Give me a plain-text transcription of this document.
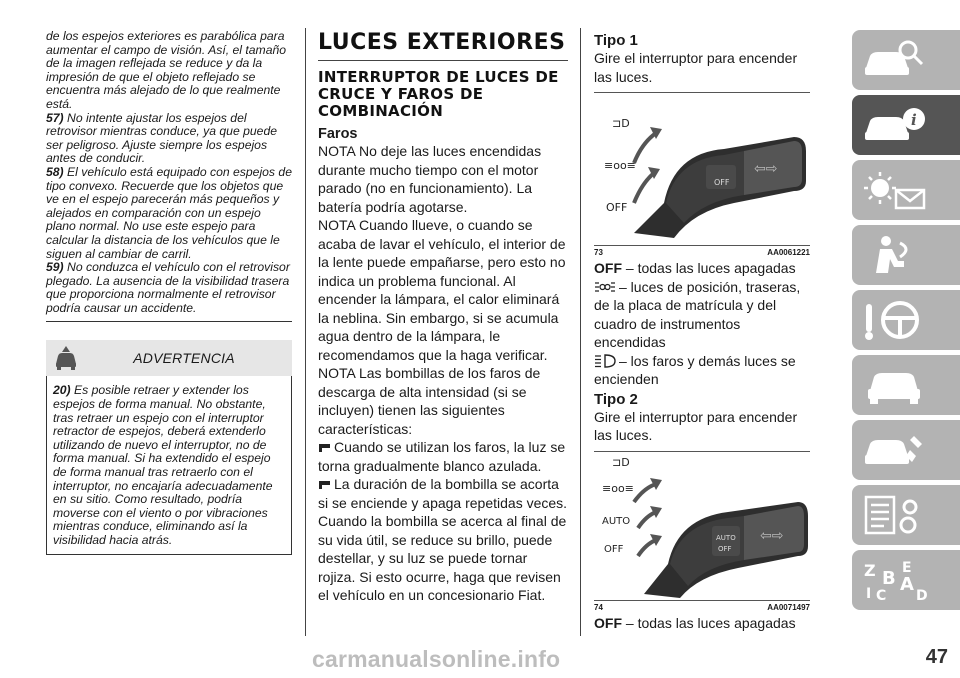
de los espejos exteriores es parabólica para aumentar el campo de visión. Así, el tamaño de la imagen reflejada se reduce y da la impresión de que el objeto reflejado se encuentra más alejado de lo que realmente está.

57) No intente ajustar los espejos del retrovisor mientras conduce, ya que puede ser peligroso. Ajuste siempre los espejos antes de conducir.

58) El vehículo está equipado con espejos de tipo convexo. Recuerde que los objetos que ve en el espejo parecerán más pequeños y alejados en comparación con un espejo plano normal. No use este espejo para calcular la distancia de los vehículos que le siguen al cambiar de carril.

59) No conduzca el vehículo con el retrovisor plegado. La ausencia de la visibilidad trasera que proporciona normalmente el retrovisor podría causar un accidente.

ADVERTENCIA

20) Es posible retraer y extender los espejos de forma manual. No obstante, tras retraer un espejo con el interruptor retractor de espejos, deberá extenderlo utilizando de nuevo el interruptor, no de forma manual. Si ha extendido el espejo de forma manual tras retraerlo con el interruptor, no encajaría adecuadamente en su sitio. Como resultado, podría moverse con el viento o por vibraciones mientras conduce, eliminando así la visibilidad hacia atrás.

LUCES EXTERIORES
INTERRUPTOR DE LUCES DE CRUCE Y FAROS DE COMBINACIÓN
Faros

NOTA No deje las luces encendidas durante mucho tiempo con el motor parado (no en funcionamiento). La batería podría agotarse.

NOTA Cuando llueve, o cuando se acaba de lavar el vehículo, el interior de la lente puede empañarse, pero esto no indica un problema funcional. Al encender la lámpara, el calor eliminará la neblina. Sin embargo, si se acumula agua dentro de la lámpara, le recomendamos que la haga verificar.

NOTA Las bombillas de los faros de descarga de alta intensidad (si se incluyen) tienen las siguientes características:

Cuando se utilizan los faros, la luz se torna gradualmente blanco azulada.

La duración de la bombilla se acorta si se enciende y apaga repetidas veces. Cuando la bombilla se acerca al final de su vida útil, se reduce su brillo, puede destellar, y su luz se puede tornar rojiza. Si esto ocurre, haga que revisen el vehículo en un concesionario Fiat.

Tipo 1

Gire el interruptor para encender las luces.

OFF
⇦⇨
⊐D
≡oo≡
OFF
73	AA0061221

OFF – todas las luces apagadas

– luces de posición, traseras, de la placa de matrícula y del cuadro de instrumentos encendidas

– los faros y demás luces se encienden

Tipo 2

Gire el interruptor para encender las luces.

AUTO
OFF
⇦⇨
⊐D
≡oo≡
AUTO
OFF
74	AA0071497

OFF – todas las luces apagadas

i
Z E
B A
I C D
carmanualsonline.info	47
